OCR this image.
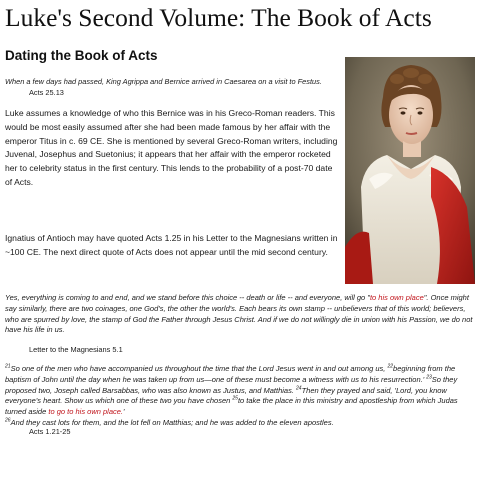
Luke's Second Volume: The Book of Acts
Dating the Book of Acts
When a few days had passed, King Agrippa and Bernice arrived in Caesarea on a visit to Festus.
Acts 25.13

Luke assumes a knowledge of who this Bernice was in his Greco-Roman readers. This would be most easily assumed after she had been made famous by her affair with the emperor Titus in c. 69 CE. She is mentioned by several Greco-Roman writers, including Juvenal, Josephus and Suetonius; it appears that her affair with the emperor rocketed her to celebrity status in the first century. This lends to the probability of a post-70 date of Acts.

Ignatius of Antioch may have quoted Acts 1.25 in his Letter to the Magnesians written in ~100 CE. The next direct quote of Acts does not appear until the mid second century.

Yes, everything is coming to and end, and we stand before this choice -- death or life -- and everyone, will go "to his own place". Once might say similarly, there are two coinages, one God's, the other the world's. Each bears its own stamp -- unbelievers that of this world; believers, who are spurred by love, the stamp of God the Father through Jesus Christ. And if we do not willingly die in union with his Passion, we do not have his life in us.

Letter to the Magnesians 5.1

$^{21}$So one of the men who have accompanied us throughout the time that the Lord Jesus went in and out among us, $^{22}$beginning from the baptism of John until the day when he was taken up from us—one of these must become a witness with us to his resurrection.' $^{23}$So they proposed two, Joseph called Barsabbas, who was also known as Justus, and Matthias. $^{24}$Then they prayed and said, 'Lord, you know everyone's heart. Show us which one of these two you have chosen $^{25}$to take the place in this ministry and apostleship from which Judas turned aside to go to his own place.'
$^{26}$And they cast lots for them, and the lot fell on Matthias; and he was added to the eleven apostles.

Acts 1.21-25
